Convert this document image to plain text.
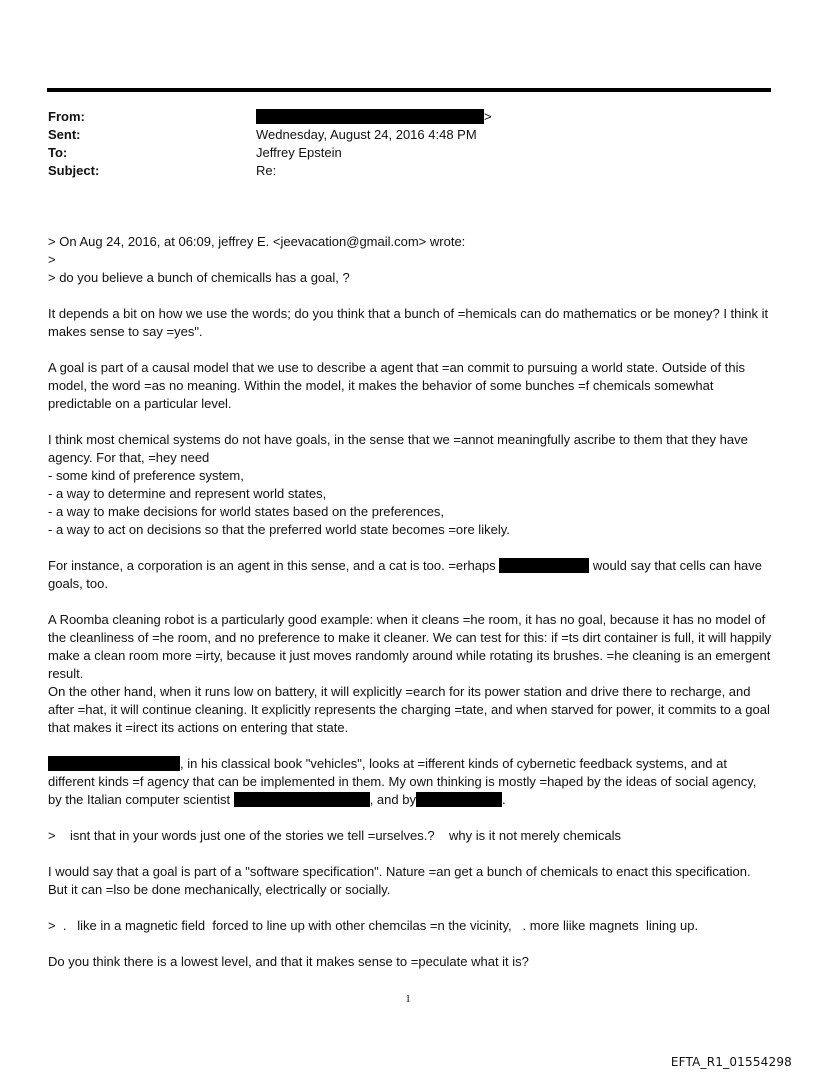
From:	>
Sent:	Wednesday, August 24, 2016 4:48 PM
To:	Jeffrey Epstein
Subject:	Re:

> On Aug 24, 2016, at 06:09, jeffrey E. <jeevacation@gmail.com> wrote:

>

> do you believe a bunch of chemicalls has a goal, ?

It depends a bit on how we use the words; do you think that a bunch of =hemicals can do mathematics or be money? I think it makes sense to say =yes".

A goal is part of a causal model that we use to describe a agent that =an commit to pursuing a world state. Outside of this model, the word =as no meaning. Within the model, it makes the behavior of some bunches =f chemicals somewhat predictable on a particular level.

I think most chemical systems do not have goals, in the sense that we =annot meaningfully ascribe to them that they have agency. For that, =hey need

- some kind of preference system,

- a way to determine and represent world states,

- a way to make decisions for world states based on the preferences,

- a way to act on decisions so that the preferred world state becomes =ore likely.

For instance, a corporation is an agent in this sense, and a cat is too. =erhaps	would say that cells can have goals, too.

A Roomba cleaning robot is a particularly good example: when it cleans =he room, it has no goal, because it has no model of the cleanliness of =he room, and no preference to make it cleaner. We can test for this: if =ts dirt container is full, it will happily make a clean room more =irty, because it just moves randomly around while rotating its brushes. =he cleaning is an emergent result.

On the other hand, when it runs low on battery, it will explicitly =earch for its power station and drive there to recharge, and after =hat, it will continue cleaning. It explicitly represents the charging =tate, and when starved for power, it commits to a goal that makes it =irect its actions on entering that state.

, in his classical book "vehicles", looks at =ifferent kinds of cybernetic feedback systems, and at different kinds =f agency that can be implemented in them. My own thinking is mostly =haped by the ideas of social agency, by the Italian computer scientist	, and by	.

>    isnt that in your words just one of the stories we tell =urselves.?    why is it not merely chemicals

I would say that a goal is part of a "software specification". Nature =an get a bunch of chemicals to enact this specification. But it can =lso be done mechanically, electrically or socially.

>  .   like in a magnetic field  forced to line up with other chemcilas =n the vicinity,   . more liike magnets  lining up.

Do you think there is a lowest level, and that it makes sense to =peculate what it is?

1
EFTA_R1_01554298
